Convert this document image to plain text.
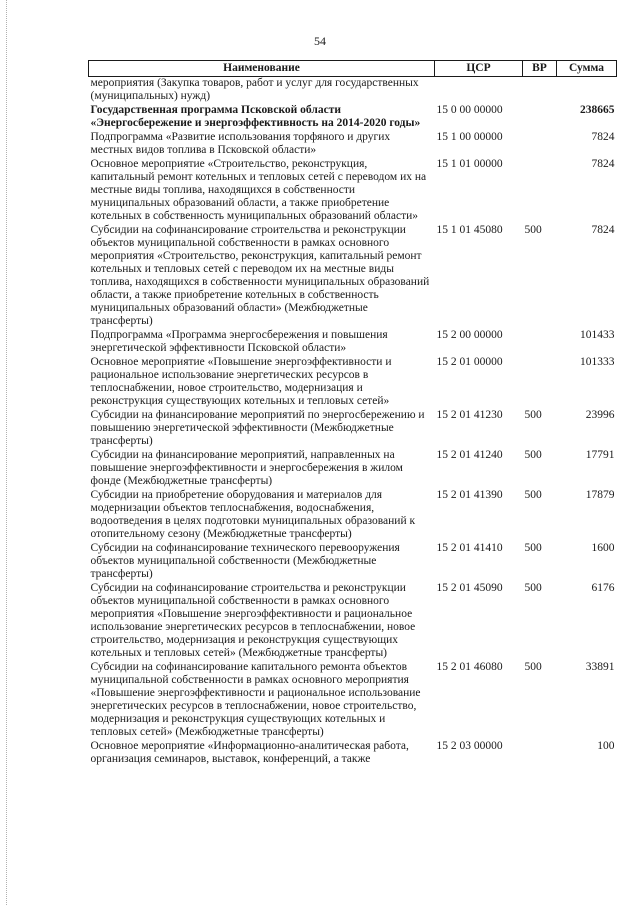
54
Наименование	ЦСР	ВР	Сумма
мероприятия (Закупка товаров, работ и услуг для государственных (муниципальных) нужд)			
Государственная программа Псковской области «Энергосбережение и энергоэффективность на 2014-2020 годы»	15 0 00 00000		238665
Подпрограмма «Развитие использования торфяного и других местных видов топлива в Псковской области»	15 1 00 00000		7824
Основное мероприятие «Строительство, реконструкция, капитальный ремонт котельных и тепловых сетей с переводом их на местные виды топлива, находящихся в собственности муниципальных образований области, а также приобретение котельных в собственность муниципальных образований области»	15 1 01 00000		7824
Субсидии на софинансирование строительства и реконструкции объектов муниципальной собственности в рамках основного мероприятия «Строительство, реконструкция, капитальный ремонт котельных и тепловых сетей с переводом их на местные виды топлива, находящихся в собственности муниципальных образований области, а также приобретение котельных в собственность муниципальных образований области» (Межбюджетные трансферты)	15 1 01 45080	500	7824
Подпрограмма «Программа энергосбережения и повышения энергетической эффективности Псковской области»	15 2 00 00000		101433
Основное мероприятие «Повышение энергоэффективности и рациональное использование энергетических ресурсов в теплоснабжении, новое строительство, модернизация и реконструкция существующих котельных и тепловых сетей»	15 2 01 00000		101333
Субсидии на финансирование мероприятий по энергосбережению и повышению энергетической эффективности (Межбюджетные трансферты)	15 2 01 41230	500	23996
Субсидии на финансирование мероприятий, направленных на повышение энергоэффективности и энергосбережения в жилом фонде (Межбюджетные трансферты)	15 2 01 41240	500	17791
Субсидии на приобретение оборудования и материалов для модернизации объектов теплоснабжения, водоснабжения, водоотведения в целях подготовки муниципальных образований к отопительному сезону (Межбюджетные трансферты)	15 2 01 41390	500	17879
Субсидии на софинансирование технического перевооружения объектов муниципальной собственности (Межбюджетные трансферты)	15 2 01 41410	500	1600
Субсидии на софинансирование строительства и реконструкции объектов муниципальной собственности в рамках основного мероприятия «Повышение энергоэффективности и рациональное использование энергетических ресурсов в теплоснабжении, новое строительство, модернизация и реконструкция существующих котельных и тепловых сетей» (Межбюджетные трансферты)	15 2 01 45090	500	6176
Субсидии на софинансирование капитального ремонта объектов муниципальной собственности в рамках основного мероприятия «Повышение энергоэффективности и рациональное использование энергетических ресурсов в теплоснабжении, новое строительство, модернизация и реконструкция существующих котельных и тепловых сетей» (Межбюджетные трансферты)	15 2 01 46080	500	33891
Основное мероприятие «Информационно-аналитическая работа, организация семинаров, выставок, конференций, а также	15 2 03 00000		100
